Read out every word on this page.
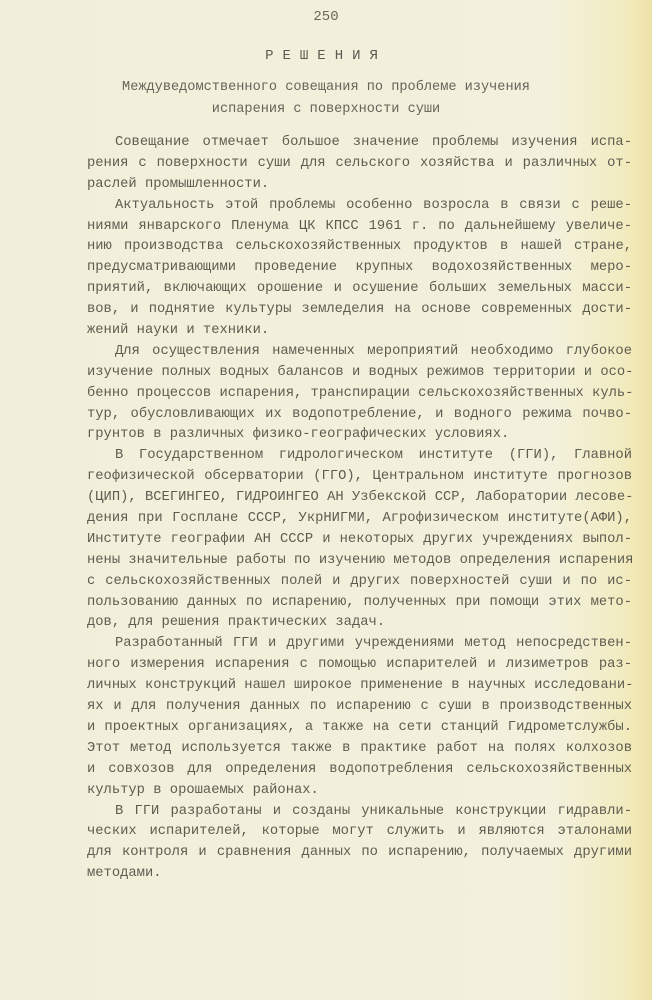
250
РЕШЕНИЯ
Междуведомственного совещания по проблеме изучения
испарения с поверхности суши
Совещание отмечает большое значение проблемы изучения испа-
рения с поверхности суши для сельского хозяйства и различных от-
раслей промышленности.
Актуальность этой проблемы особенно возросла в связи с реше-
ниями январского Пленума ЦК КПСС 1961 г. по дальнейшему увеличе-
нию производства сельскохозяйственных продуктов в нашей стране,
предусматривающими проведение крупных водохозяйственных меро-
приятий, включающих орошение и осушение больших земельных масси-
вов, и поднятие культуры земледелия на основе современных дости-
жений науки и техники.
Для осуществления намеченных мероприятий необходимо глубокое
изучение полных водных балансов и водных режимов территории и осо-
бенно процессов испарения, транспирации сельскохозяйственных куль-
тур, обусловливающих их водопотребление, и водного режима почво-
грунтов в различных физико-географических условиях.
В Государственном гидрологическом институте (ГГИ), Главной
геофизической обсерватории (ГГО), Центральном институте прогнозов
(ЦИП), ВСЕГИНГЕО, ГИДРОИНГЕО АН Узбекской ССР, Лаборатории лесове-
дения при Госплане СССР, УкрНИГМИ, Агрофизическом институте(АФИ),
Институте географии АН СССР и некоторых других учреждениях выпол-
нены значительные работы по изучению методов определения испарения
с сельскохозяйственных полей и других поверхностей суши и по ис-
пользованию данных по испарению, полученных при помощи этих мето-
дов, для решения практических задач.
Разработанный ГГИ и другими учреждениями метод непосредствен-
ного измерения испарения с помощью испарителей и лизиметров раз-
личных конструкций нашел широкое применение в научных исследовани-
ях и для получения данных по испарению с суши в производственных
и проектных организациях, а также на сети станций Гидрометслужбы.
Этот метод используется также в практике работ на полях колхозов
и совхозов для определения водопотребления сельскохозяйственных
культур в орошаемых районах.
В ГГИ разработаны и созданы уникальные конструкции гидравли-
ческих испарителей, которые могут служить и являются эталонами
для контроля и сравнения данных по испарению, получаемых другими
методами.
